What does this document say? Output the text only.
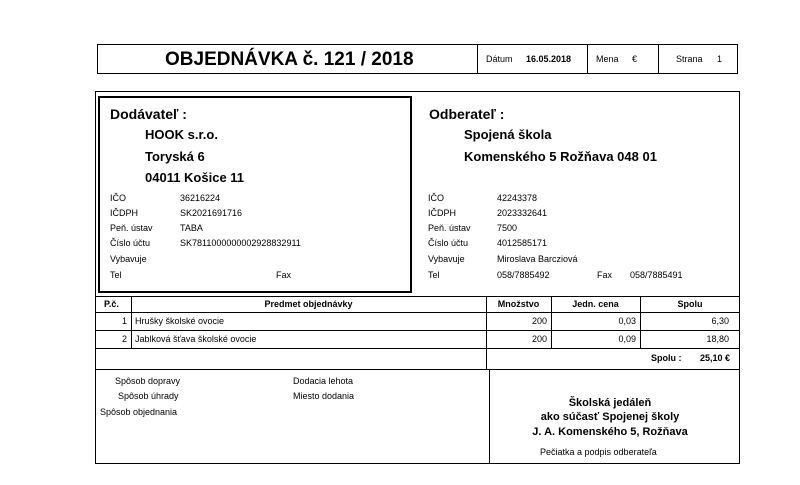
OBJEDNÁVKA č. 121 / 2018	Dátum 16.05.2018	Mena €	Strana 1
Dodávateľ :
HOOK s.r.o.
Toryská 6
04011 Košice 11
IČO	36216224
IČDPH	SK2021691716
Peň. ústav	TABA
Číslo účtu	SK7811000000002928832911
Vybavuje
Tel	Fax
Odberateľ :
Spojená škola
Komenského 5 Rožňava 048 01
IČO	42243378
IČDPH	2023332641
Peň. ústav	7500
Číslo účtu	4012585171
Vybavuje	Miroslava Barcziová
Tel	058/7885492	Fax 058/7885491
P.č.	Predmet objednávky	Množstvo	Jedn. cena	Spolu
1 Hrušky školské ovocie	200	0,03	6,30
2 Jablková šťava školské ovocie	200	0,09	18,80
Spolu :	25,10 €
Spôsob dopravy
Spôsob úhrady
Spôsob objednania
Dodacia lehota
Miesto dodania
Školská jedáleň
ako súčasť Spojenej školy
J. A. Komenského 5, Rožňava
Pečiatka a podpis odberateľa
